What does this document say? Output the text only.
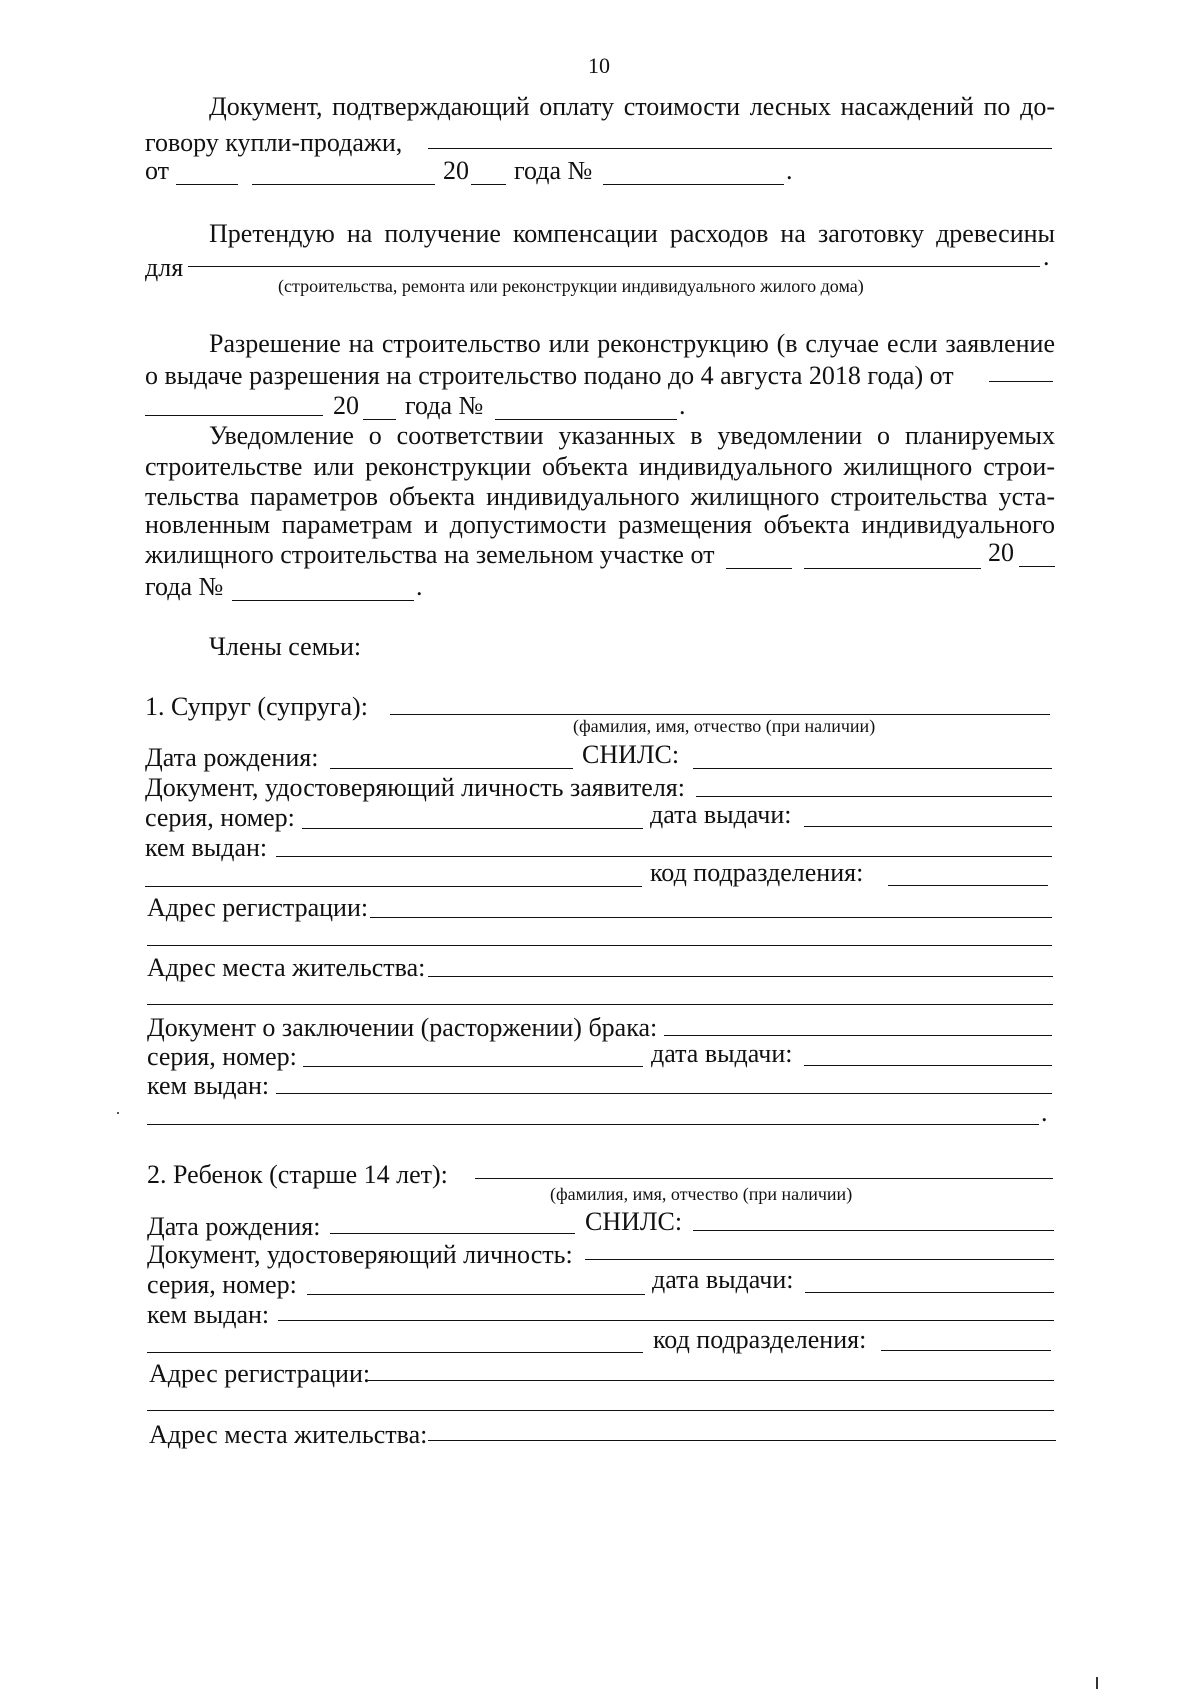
10
Документ, подтверждающий оплату стоимости лесных насаждений по до-
говору купли-продажи,
от	20 года №	.
Претендую на получение компенсации расходов на заготовку древесины
для	.
(строительства, ремонта или реконструкции индивидуального жилого дома)
Разрешение на строительство или реконструкцию (в случае если заявление
о выдаче разрешения на строительство подано до 4 августа 2018 года) от
20 года №	.
Уведомление о соответствии указанных в уведомлении о планируемых
строительстве или реконструкции объекта индивидуального жилищного строи-
тельства параметров объекта индивидуального жилищного строительства уста-
новленным параметрам и допустимости размещения объекта индивидуального
жилищного строительства на земельном участке от	20
года №	.
Члены семьи:
1. Супруг (супруга):
(фамилия, имя, отчество (при наличии)
Дата рождения:	СНИЛС:
Документ, удостоверяющий личность заявителя:
серия, номер:	дата выдачи:
кем выдан:
код подразделения:
Адрес регистрации:
Адрес места жительства:
Документ о заключении (расторжении) брака:
серия, номер:	дата выдачи:
кем выдан:
.
2. Ребенок (старше 14 лет):
(фамилия, имя, отчество (при наличии)
Дата рождения:	СНИЛС:
Документ, удостоверяющий личность:
серия, номер:	дата выдачи:
кем выдан:
код подразделения:
Адрес регистрации:
Адрес места жительства:
